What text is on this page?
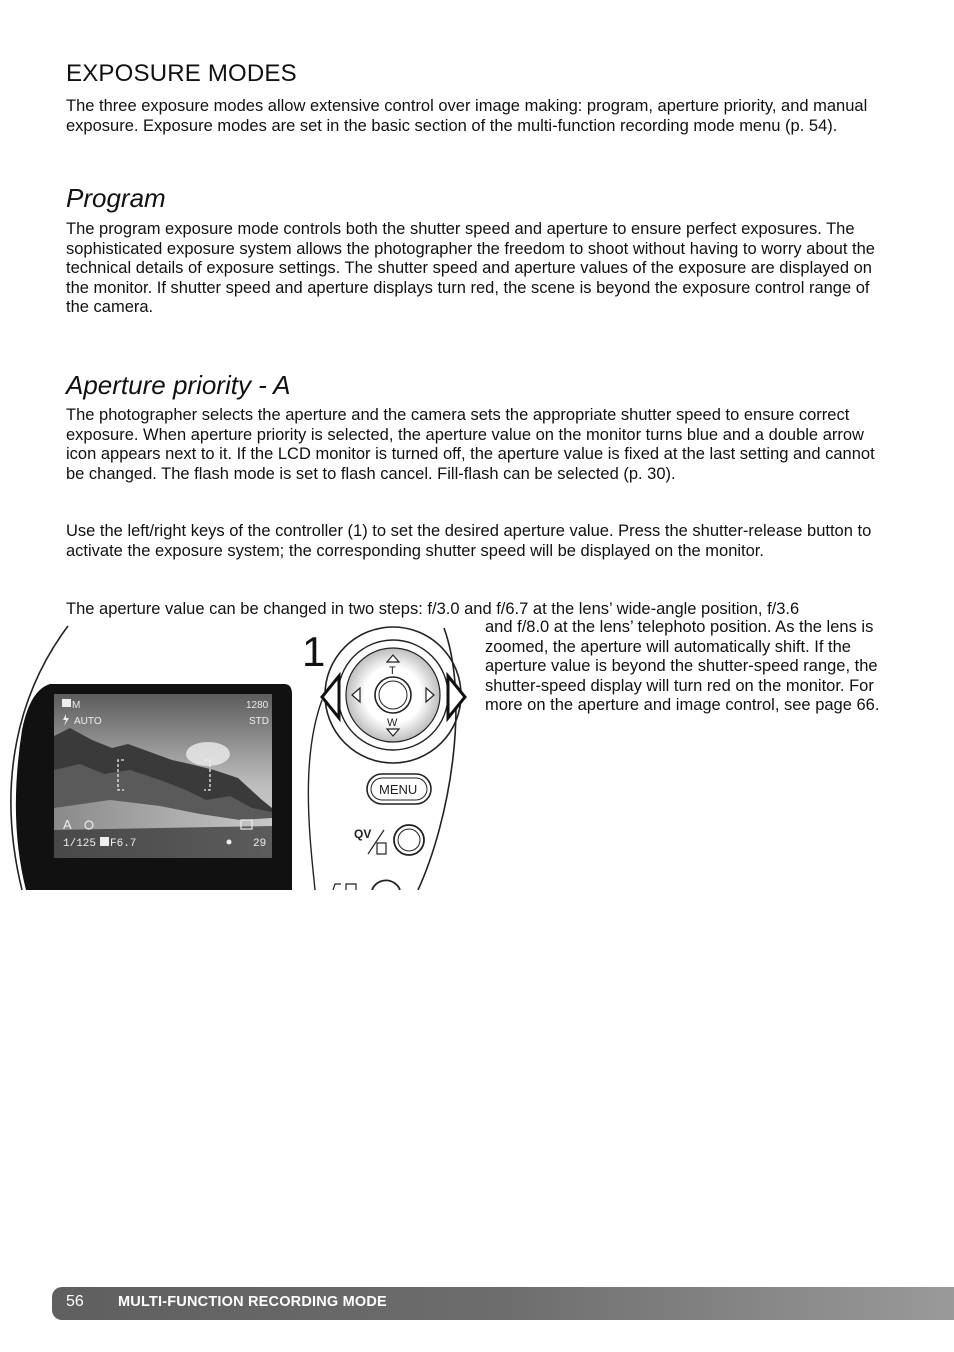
EXPOSURE MODES

The three exposure modes allow extensive control over image making: program, aperture priority, and manual exposure. Exposure modes are set in the basic section of the multi-function recording mode menu (p. 54).

Program

The program exposure mode controls both the shutter speed and aperture to ensure perfect exposures. The sophisticated exposure system allows the photographer the freedom to shoot without having to worry about the technical details of exposure settings. The shutter speed and aperture values of the exposure are displayed on the monitor. If shutter speed and aperture displays turn red, the scene is beyond the exposure control range of the camera.

Aperture priority - A

The photographer selects the aperture and the camera sets the appropriate shutter speed to ensure correct exposure. When aperture priority is selected, the aperture value on the monitor turns blue and a double arrow icon appears next to it. If the LCD monitor is turned off, the aperture value is fixed at the last setting and cannot be changed. The flash mode is set to flash cancel. Fill-flash can be selected (p. 30).

Use the left/right keys of the controller (1) to set the desired aperture value. Press the shutter-release button to activate the exposure system; the corresponding shutter speed will be displayed on the monitor.

The aperture value can be changed in two steps: f/3.0 and f/6.7 at the lens’ wide-angle position, f/3.6

and f/8.0 at the lens’ telephoto position. As the lens is zoomed, the aperture will automatically shift. If the aperture value is beyond the shutter-speed range, the shutter-speed display will turn red on the monitor. For more on the aperture and image control, see page 66.

M
AUTO
1280
STD
A
1/125 F6.7	29
1	T
W
MENU
QV
56 MULTI-FUNCTION RECORDING MODE
